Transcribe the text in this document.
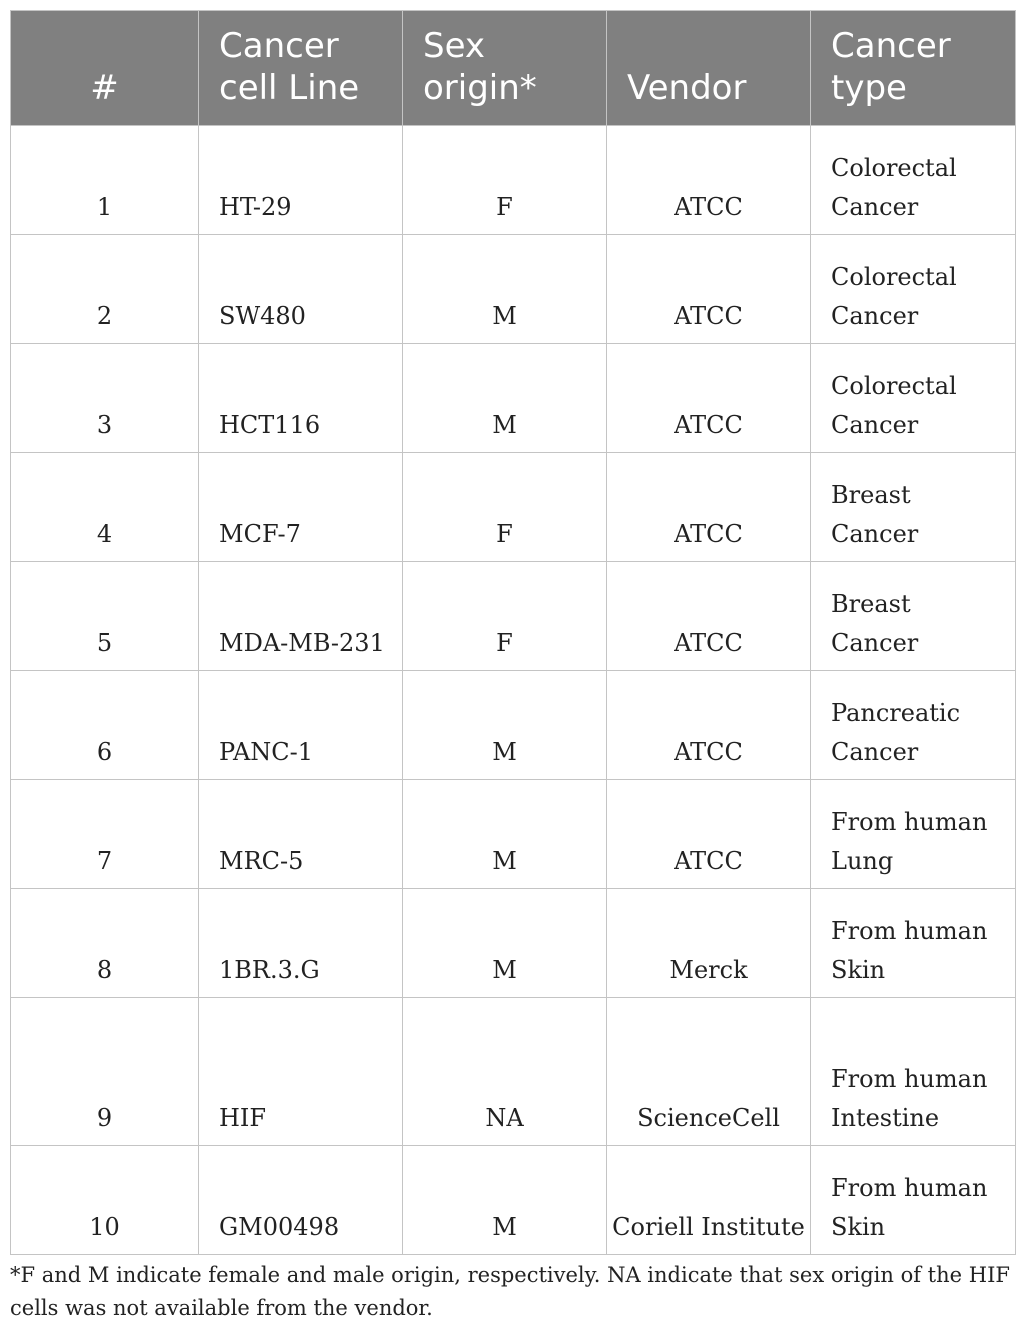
#	Cancer cell Line	Sex origin*	Vendor	Cancer type
1	HT-29	F	ATCC	Colorectal Cancer
2	SW480	M	ATCC	Colorectal Cancer
3	HCT116	M	ATCC	Colorectal Cancer
4	MCF-7	F	ATCC	Breast Cancer
5	MDA-MB-231	F	ATCC	Breast Cancer
6	PANC-1	M	ATCC	Pancreatic Cancer
7	MRC-5	M	ATCC	From human Lung
8	1BR.3.G	M	Merck	From human Skin
9	HIF	NA	ScienceCell	From human Intestine
10	GM00498	M	Coriell Institute	From human Skin
*F and M indicate female and male origin, respectively. NA indicate that sex origin of the HIF cells was not available from the vendor.
